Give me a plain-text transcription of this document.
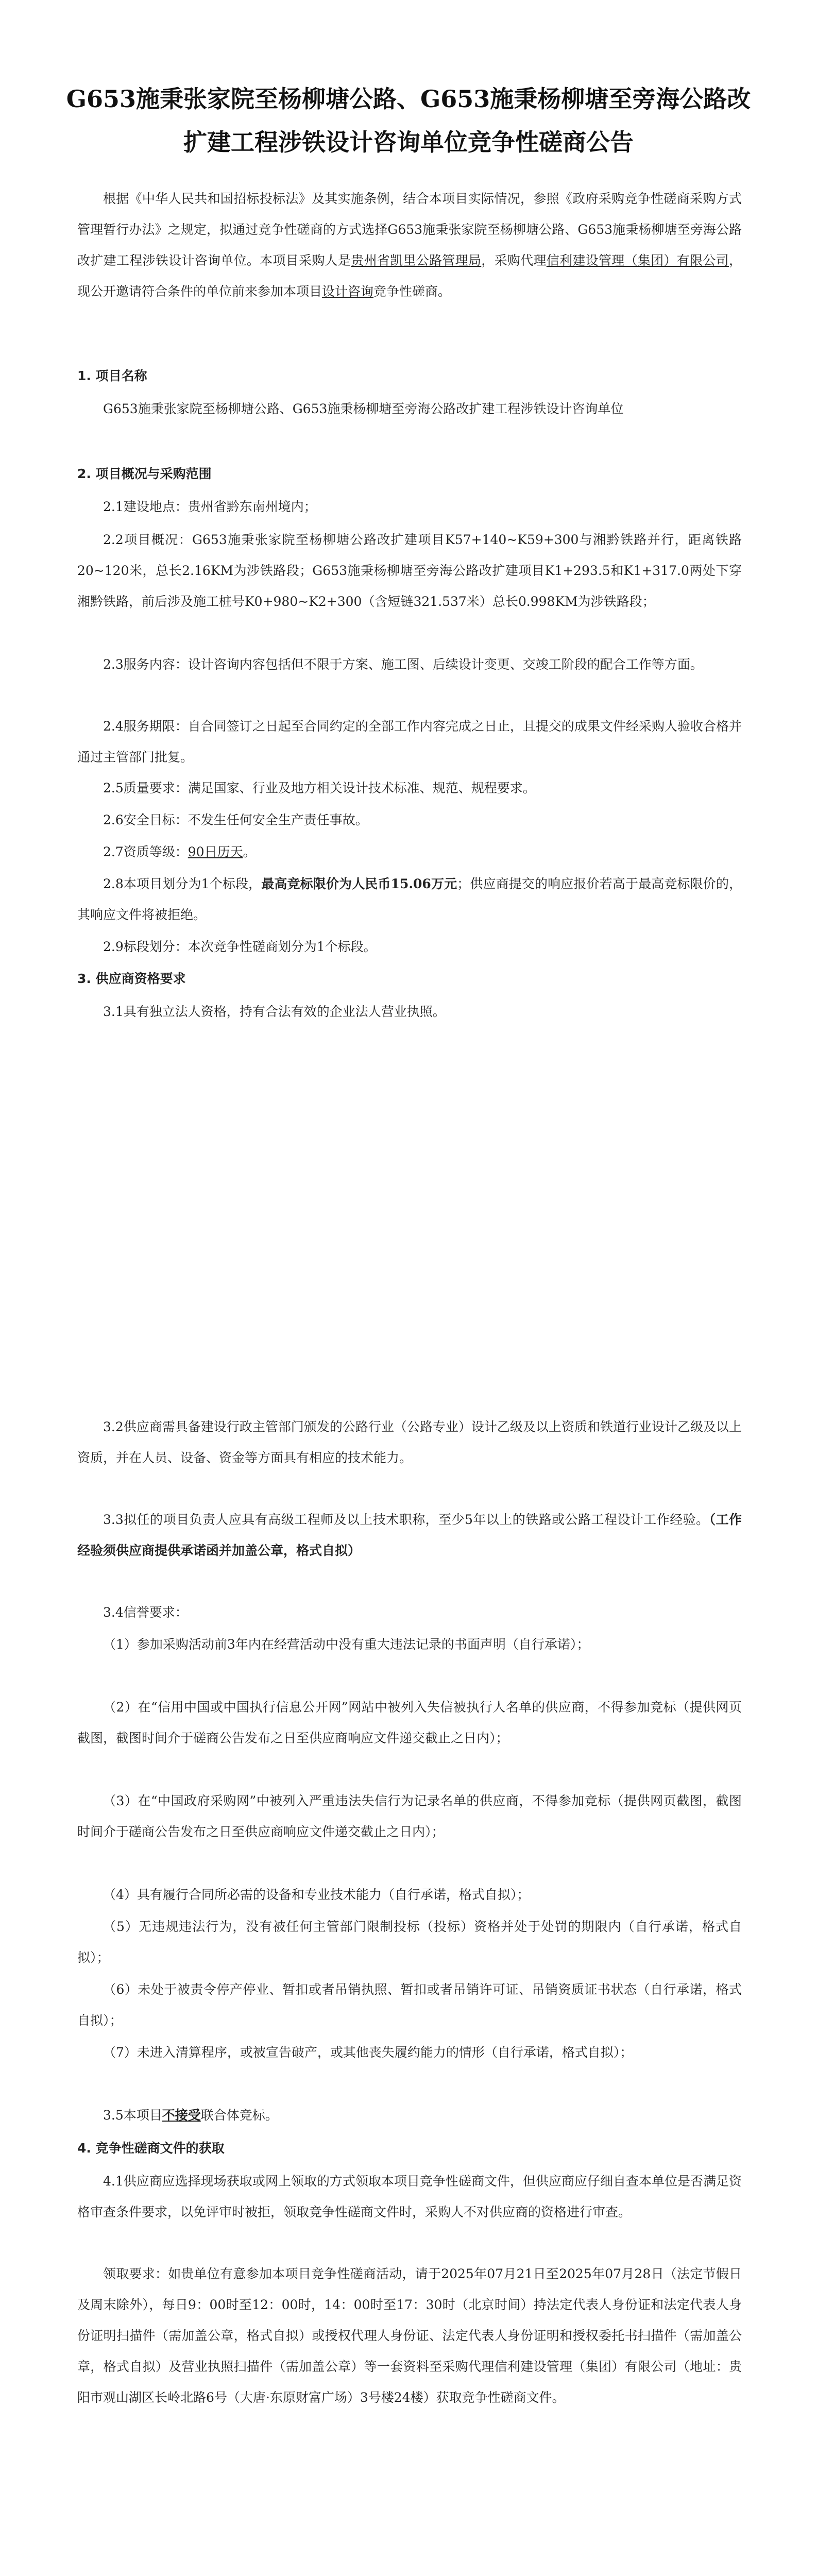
G653施秉张家院至杨柳塘公路、G653施秉杨柳塘至旁海公路改扩建工程涉铁设计咨询单位竞争性磋商公告
根据《中华人民共和国招标投标法》及其实施条例，结合本项目实际情况，参照《政府采购竞争性磋商采购方式管理暂行办法》之规定，拟通过竞争性磋商的方式选择G653施秉张家院至杨柳塘公路、G653施秉杨柳塘至旁海公路改扩建工程涉铁设计咨询单位。本项目采购人是贵州省凯里公路管理局，采购代理信利建设管理（集团）有限公司，现公开邀请符合条件的单位前来参加本项目设计咨询竞争性磋商。
1. 项目名称
G653施秉张家院至杨柳塘公路、G653施秉杨柳塘至旁海公路改扩建工程涉铁设计咨询单位
2. 项目概况与采购范围
2.1建设地点：贵州省黔东南州境内；
2.2项目概况：G653施秉张家院至杨柳塘公路改扩建项目K57+140~K59+300与湘黔铁路并行，距离铁路20~120米，总长2.16KM为涉铁路段；G653施秉杨柳塘至旁海公路改扩建项目K1+293.5和K1+317.0两处下穿湘黔铁路，前后涉及施工桩号K0+980~K2+300（含短链321.537米）总长0.998KM为涉铁路段；
2.3服务内容：设计咨询内容包括但不限于方案、施工图、后续设计变更、交竣工阶段的配合工作等方面。
2.4服务期限：自合同签订之日起至合同约定的全部工作内容完成之日止，且提交的成果文件经采购人验收合格并通过主管部门批复。
2.5质量要求：满足国家、行业及地方相关设计技术标准、规范、规程要求。
2.6安全目标：不发生任何安全生产责任事故。
2.7资质等级：90日历天。
2.8本项目划分为1个标段，最高竞标限价为人民币15.06万元；供应商提交的响应报价若高于最高竞标限价的，其响应文件将被拒绝。
2.9标段划分：本次竞争性磋商划分为1个标段。
3. 供应商资格要求
3.1具有独立法人资格，持有合法有效的企业法人营业执照。
3.2供应商需具备建设行政主管部门颁发的公路行业（公路专业）设计乙级及以上资质和铁道行业设计乙级及以上资质，并在人员、设备、资金等方面具有相应的技术能力。
3.3拟任的项目负责人应具有高级工程师及以上技术职称，至少5年以上的铁路或公路工程设计工作经验。（工作经验须供应商提供承诺函并加盖公章，格式自拟）
3.4信誉要求：
（1）参加采购活动前3年内在经营活动中没有重大违法记录的书面声明（自行承诺）；
（2）在“信用中国或中国执行信息公开网”网站中被列入失信被执行人名单的供应商，不得参加竞标（提供网页截图，截图时间介于磋商公告发布之日至供应商响应文件递交截止之日内）；
（3）在“中国政府采购网”中被列入严重违法失信行为记录名单的供应商，不得参加竞标（提供网页截图，截图时间介于磋商公告发布之日至供应商响应文件递交截止之日内）；
（4）具有履行合同所必需的设备和专业技术能力（自行承诺，格式自拟）；
（5）无违规违法行为，没有被任何主管部门限制投标（投标）资格并处于处罚的期限内（自行承诺，格式自拟）；
（6）未处于被责令停产停业、暂扣或者吊销执照、暂扣或者吊销许可证、吊销资质证书状态（自行承诺，格式自拟）；
（7）未进入清算程序，或被宣告破产，或其他丧失履约能力的情形（自行承诺，格式自拟）；
3.5本项目不接受联合体竞标。
4. 竞争性磋商文件的获取
4.1供应商应选择现场获取或网上领取的方式领取本项目竞争性磋商文件，但供应商应仔细自查本单位是否满足资格审查条件要求，以免评审时被拒，领取竞争性磋商文件时，采购人不对供应商的资格进行审查。
领取要求：如贵单位有意参加本项目竞争性磋商活动，请于2025年07月21日至2025年07月28日（法定节假日及周末除外），每日9：00时至12：00时，14：00时至17：30时（北京时间）持法定代表人身份证和法定代表人身份证明扫描件（需加盖公章，格式自拟）或授权代理人身份证、法定代表人身份证明和授权委托书扫描件（需加盖公章，格式自拟）及营业执照扫描件（需加盖公章）等一套资料至采购代理信利建设管理（集团）有限公司（地址：贵阳市观山湖区长岭北路6号（大唐·东原财富广场）3号楼24楼）获取竞争性磋商文件。
